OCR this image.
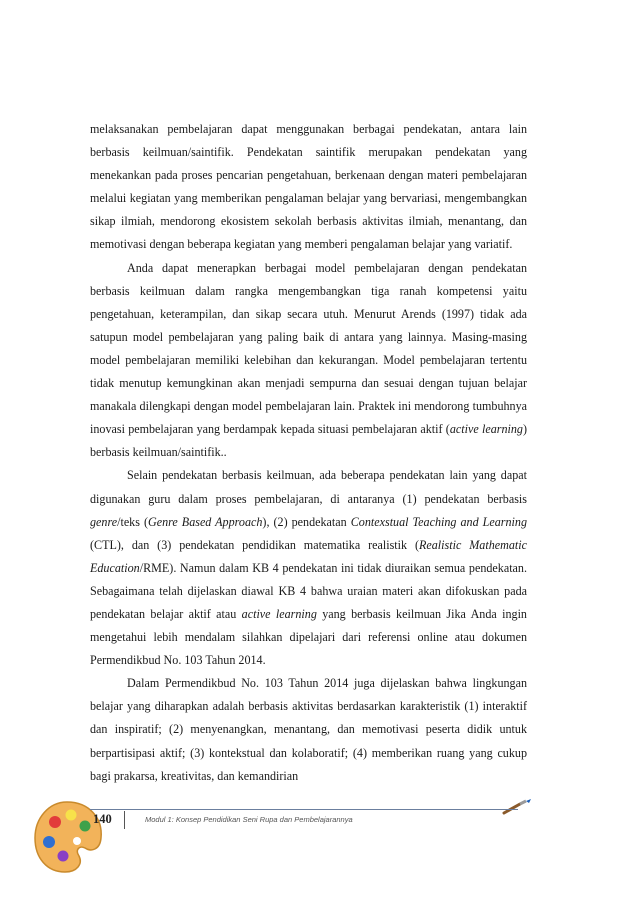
melaksanakan pembelajaran dapat menggunakan berbagai pendekatan, antara lain berbasis keilmuan/saintifik. Pendekatan saintifik merupakan pendekatan yang menekankan pada proses pencarian pengetahuan, berkenaan dengan materi pembelajaran melalui kegiatan yang memberikan pengalaman belajar yang bervariasi, mengembangkan sikap ilmiah, mendorong ekosistem sekolah berbasis aktivitas ilmiah, menantang, dan memotivasi dengan beberapa kegiatan yang memberi pengalaman belajar yang variatif.

Anda dapat menerapkan berbagai model pembelajaran dengan pendekatan berbasis keilmuan dalam rangka mengembangkan tiga ranah kompetensi yaitu pengetahuan, keterampilan, dan sikap secara utuh. Menurut Arends (1997) tidak ada satupun model pembelajaran yang paling baik di antara yang lainnya. Masing-masing model pembelajaran memiliki kelebihan dan kekurangan. Model pembelajaran tertentu tidak menutup kemungkinan akan menjadi sempurna dan sesuai dengan tujuan belajar manakala dilengkapi dengan model pembelajaran lain. Praktek ini mendorong tumbuhnya inovasi pembelajaran yang berdampak kepada situasi pembelajaran aktif (active learning) berbasis keilmuan/saintifik..

Selain pendekatan berbasis keilmuan, ada beberapa pendekatan lain yang dapat digunakan guru dalam proses pembelajaran, di antaranya (1) pendekatan berbasis genre/teks (Genre Based Approach), (2) pendekatan Contexstual Teaching and Learning (CTL), dan (3) pendekatan pendidikan matematika realistik (Realistic Mathematic Education/RME). Namun dalam KB 4 pendekatan ini tidak diuraikan semua pendekatan. Sebagaimana telah dijelaskan diawal KB 4 bahwa uraian materi akan difokuskan pada pendekatan belajar aktif atau active learning yang berbasis keilmuan Jika Anda ingin mengetahui lebih mendalam silahkan dipelajari dari referensi online atau dokumen Permendikbud No. 103 Tahun 2014.

Dalam Permendikbud No. 103 Tahun 2014 juga dijelaskan bahwa lingkungan belajar yang diharapkan adalah berbasis aktivitas berdasarkan karakteristik (1) interaktif dan inspiratif; (2) menyenangkan, menantang, dan memotivasi peserta didik untuk berpartisipasi aktif; (3) kontekstual dan kolaboratif; (4) memberikan ruang yang cukup bagi prakarsa, kreativitas, dan kemandirian

140	Modul 1: Konsep Pendidikan Seni Rupa dan Pembelajarannya
